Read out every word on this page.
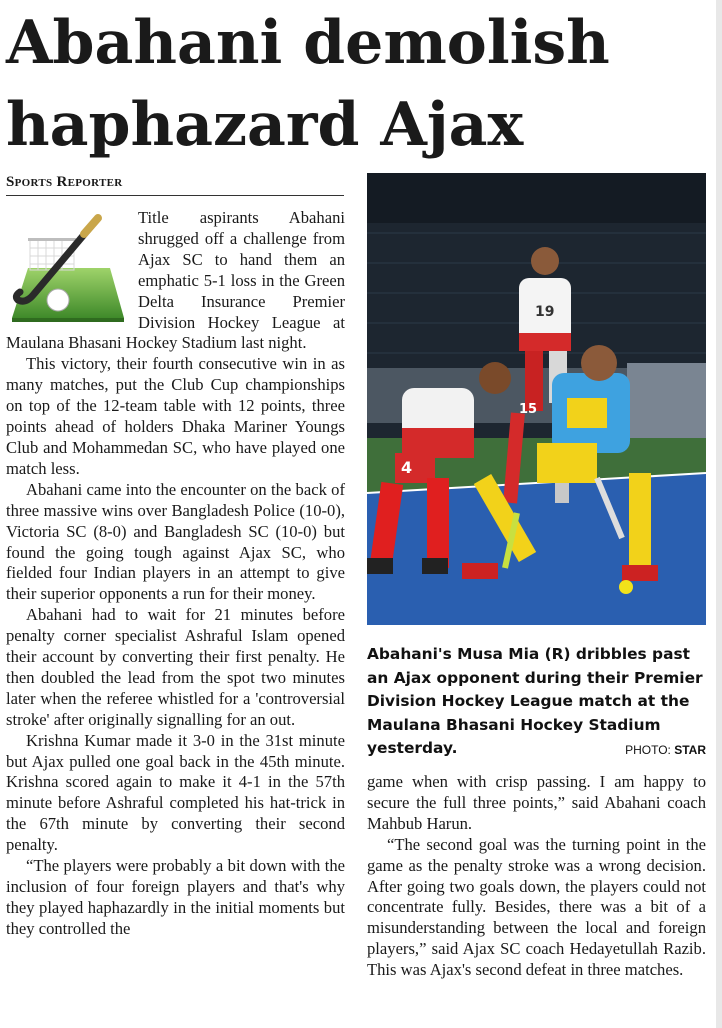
Abahani demolish
haphazard Ajax
Sports Reporter

Title aspirants Abahani shrugged off a challenge from Ajax SC to hand them an emphatic 5-1 loss in the Green Delta Insurance Premier Division Hockey League at Maulana Bhasani Hockey Stadium last night.

This victory, their fourth consecutive win in as many matches, put the Club Cup championships on top of the 12-team table with 12 points, three points ahead of holders Dhaka Mariner Youngs Club and Mohammedan SC, who have played one match less.

Abahani came into the encounter on the back of three massive wins over Bangladesh Police (10-0), Victoria SC (8-0) and Bangladesh SC (10-0) but found the going tough against Ajax SC, who fielded four Indian players in an attempt to give their superior opponents a run for their money.

Abahani had to wait for 21 minutes before penalty corner specialist Ashraful Islam opened their account by converting their first penalty. He then doubled the lead from the spot two minutes later when the referee whistled for a 'controversial stroke' after originally signalling for an out.

Krishna Kumar made it 3-0 in the 31st minute but Ajax pulled one goal back in the 45th minute. Krishna scored again to make it 4-1 in the 57th minute before Ashraful completed his hat-trick in the 67th minute by converting their second penalty.

“The players were probably a bit down with the inclusion of four foreign players and that's why they played haphazardly in the initial moments but they controlled the

19
15
4
Abahani's Musa Mia (R) dribbles past an Ajax opponent during their Premier Division Hockey League match at the Maulana Bhasani Hockey Stadium yesterday.	PHOTO: STAR

game when with crisp passing. I am happy to secure the full three points,” said Abahani coach Mahbub Harun.

“The second goal was the turning point in the game as the penalty stroke was a wrong decision. After going two goals down, the players could not concentrate fully. Besides, there was a bit of a misunderstanding between the local and foreign players,” said Ajax SC coach Hedayetullah Razib. This was Ajax's second defeat in three matches.
